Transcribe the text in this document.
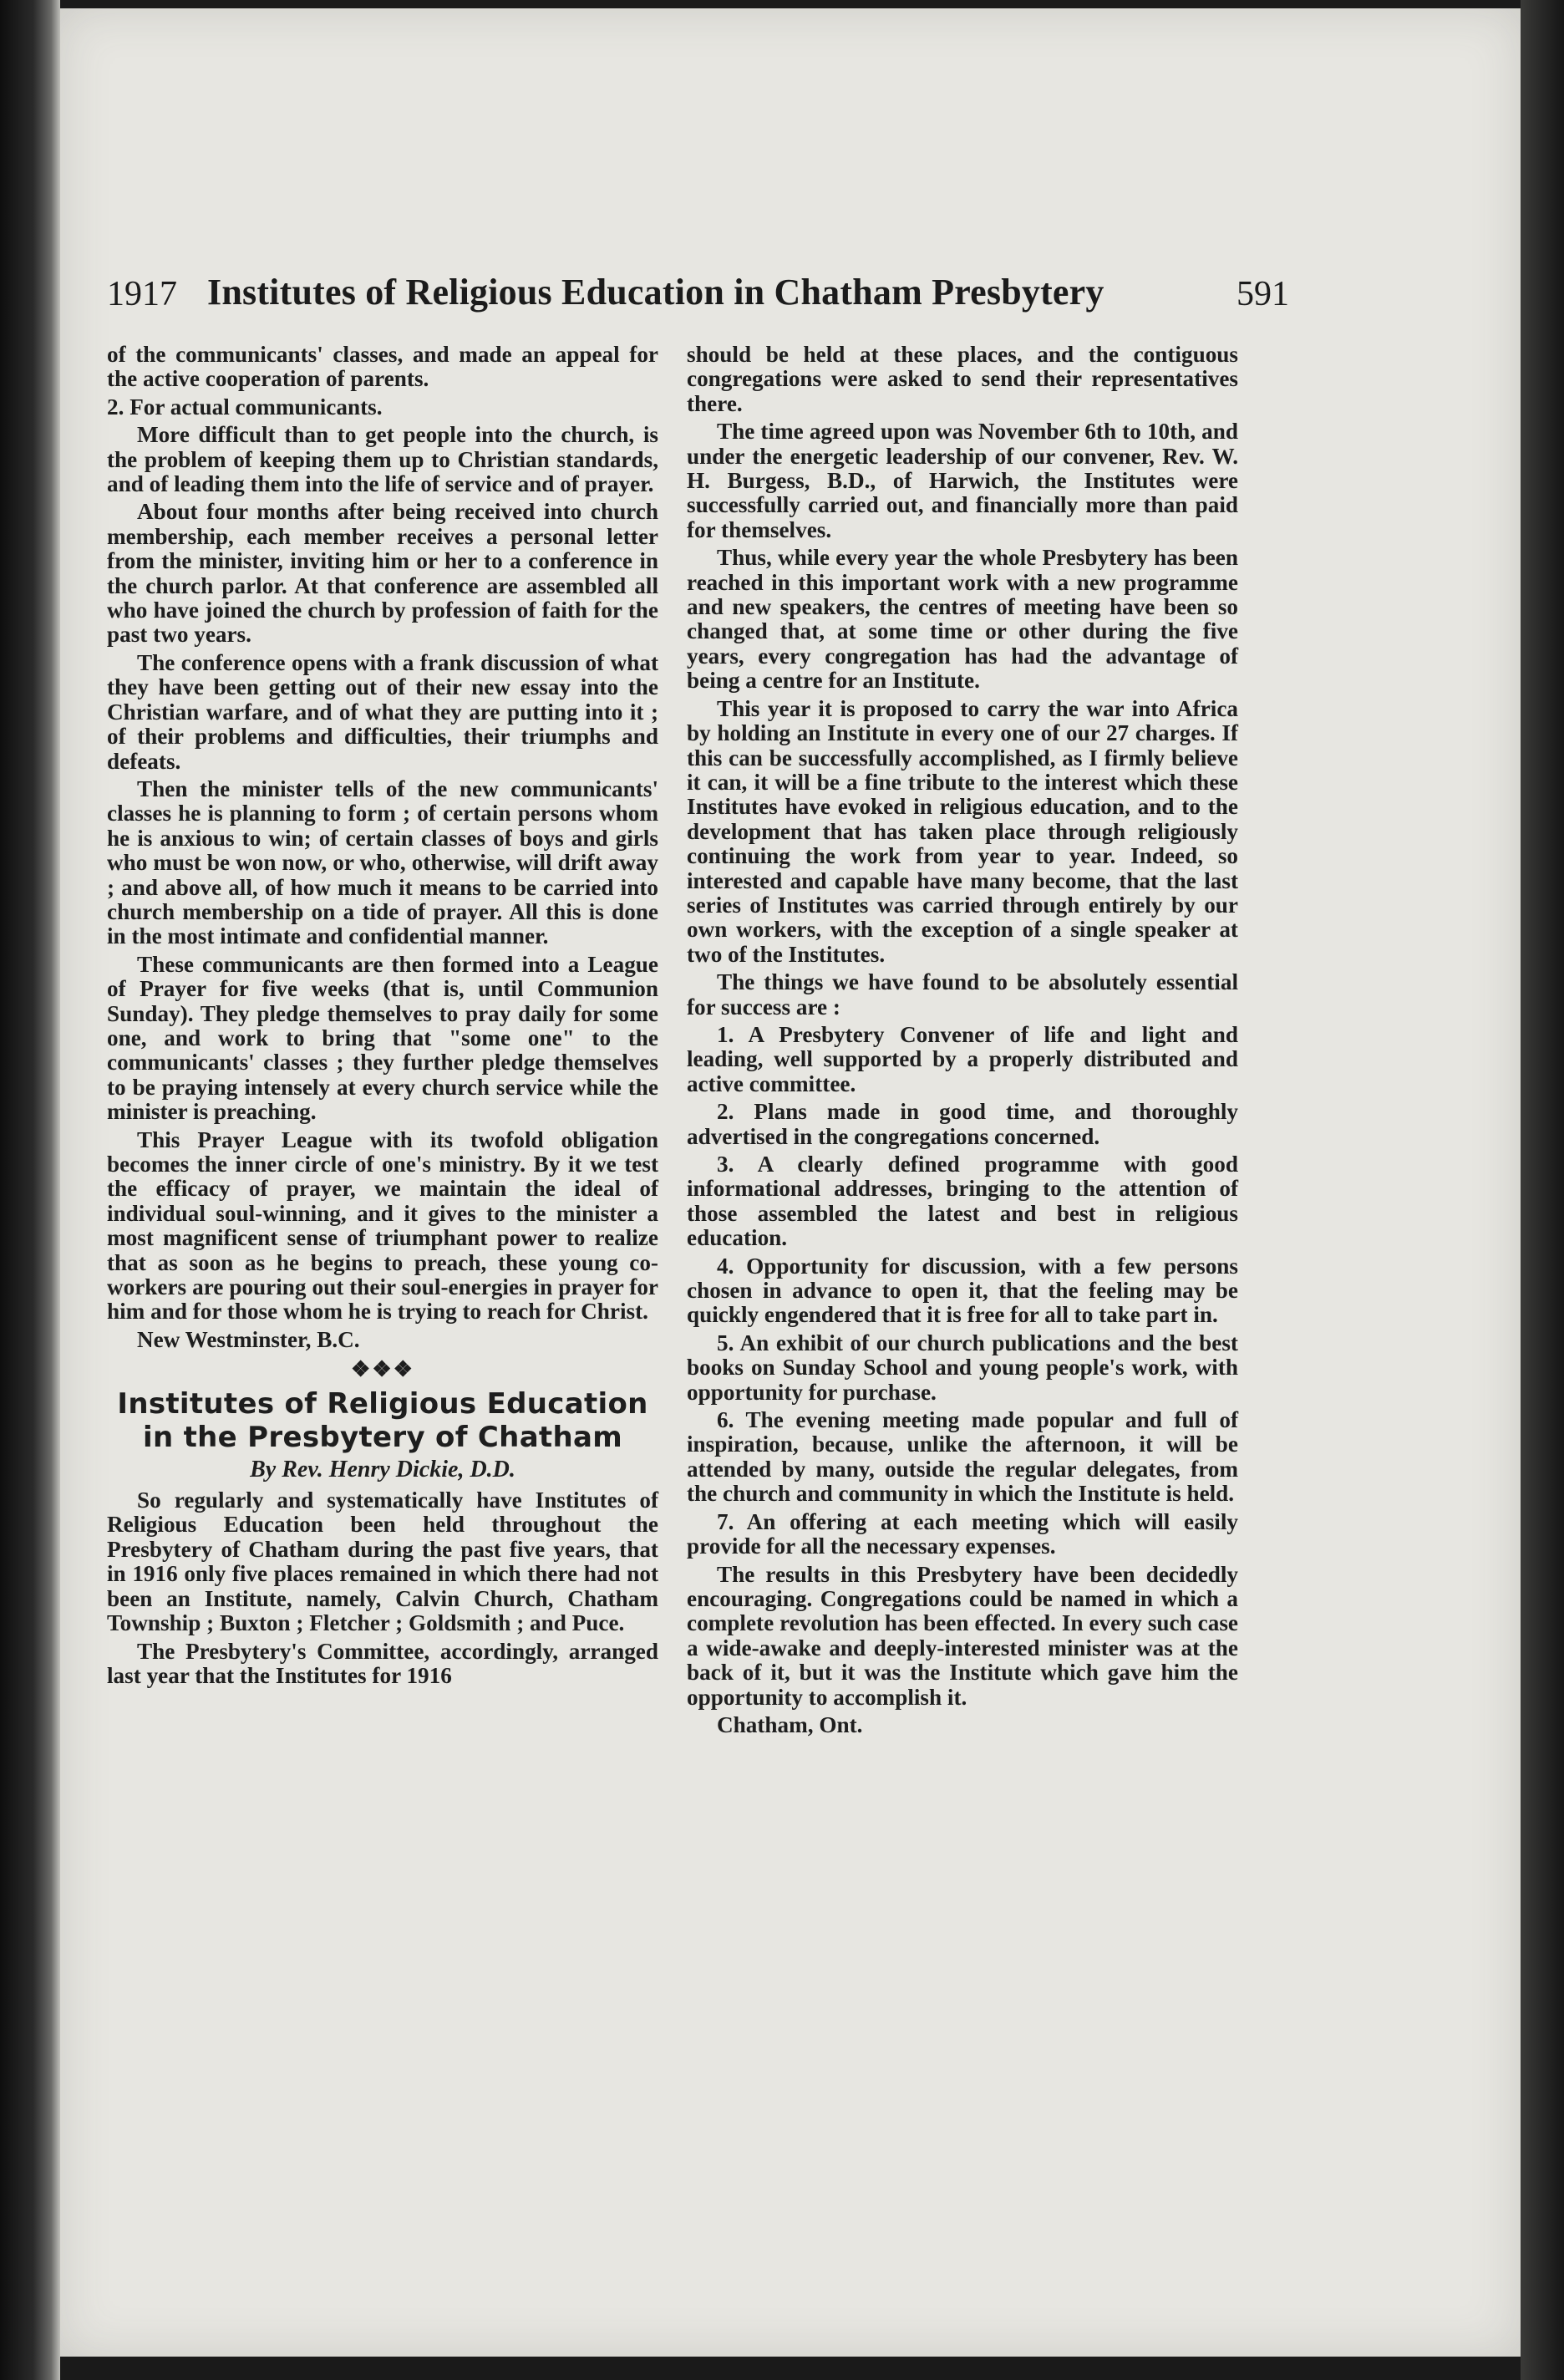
1917 Institutes of Religious Education in Chatham Presbytery	591

of the communicants' classes, and made an appeal for the active cooperation of parents.

2. For actual communicants.

More difficult than to get people into the church, is the problem of keeping them up to Christian standards, and of leading them into the life of service and of prayer.

About four months after being received into church membership, each member receives a personal letter from the minister, inviting him or her to a conference in the church parlor. At that conference are assembled all who have joined the church by profession of faith for the past two years.

The conference opens with a frank discussion of what they have been getting out of their new essay into the Christian warfare, and of what they are putting into it ; of their problems and difficulties, their triumphs and defeats.

Then the minister tells of the new communicants' classes he is planning to form ; of certain persons whom he is anxious to win; of certain classes of boys and girls who must be won now, or who, otherwise, will drift away ; and above all, of how much it means to be carried into church membership on a tide of prayer. All this is done in the most intimate and confidential manner.

These communicants are then formed into a League of Prayer for five weeks (that is, until Communion Sunday). They pledge themselves to pray daily for some one, and work to bring that "some one" to the communicants' classes ; they further pledge themselves to be praying intensely at every church service while the minister is preaching.

This Prayer League with its twofold obligation becomes the inner circle of one's ministry. By it we test the efficacy of prayer, we maintain the ideal of individual soul-winning, and it gives to the minister a most magnificent sense of triumphant power to realize that as soon as he begins to preach, these young co-workers are pouring out their soul-energies in prayer for him and for those whom he is trying to reach for Christ.

New Westminster, B.C.

❖❖❖
Institutes of Religious Education in the Presbytery of Chatham
By Rev. Henry Dickie, D.D.

So regularly and systematically have Institutes of Religious Education been held throughout the Presbytery of Chatham during the past five years, that in 1916 only five places remained in which there had not been an Institute, namely, Calvin Church, Chatham Township ; Buxton ; Fletcher ; Goldsmith ; and Puce.

The Presbytery's Committee, accordingly, arranged last year that the Institutes for 1916

should be held at these places, and the contiguous congregations were asked to send their representatives there.

The time agreed upon was November 6th to 10th, and under the energetic leadership of our convener, Rev. W. H. Burgess, B.D., of Harwich, the Institutes were successfully carried out, and financially more than paid for themselves.

Thus, while every year the whole Presbytery has been reached in this important work with a new programme and new speakers, the centres of meeting have been so changed that, at some time or other during the five years, every congregation has had the advantage of being a centre for an Institute.

This year it is proposed to carry the war into Africa by holding an Institute in every one of our 27 charges. If this can be successfully accomplished, as I firmly believe it can, it will be a fine tribute to the interest which these Institutes have evoked in religious education, and to the development that has taken place through religiously continuing the work from year to year. Indeed, so interested and capable have many become, that the last series of Institutes was carried through entirely by our own workers, with the exception of a single speaker at two of the Institutes.

The things we have found to be absolutely essential for success are :

1. A Presbytery Convener of life and light and leading, well supported by a properly distributed and active committee.

2. Plans made in good time, and thoroughly advertised in the congregations concerned.

3. A clearly defined programme with good informational addresses, bringing to the attention of those assembled the latest and best in religious education.

4. Opportunity for discussion, with a few persons chosen in advance to open it, that the feeling may be quickly engendered that it is free for all to take part in.

5. An exhibit of our church publications and the best books on Sunday School and young people's work, with opportunity for purchase.

6. The evening meeting made popular and full of inspiration, because, unlike the afternoon, it will be attended by many, outside the regular delegates, from the church and community in which the Institute is held.

7. An offering at each meeting which will easily provide for all the necessary expenses.

The results in this Presbytery have been decidedly encouraging. Congregations could be named in which a complete revolution has been effected. In every such case a wide-awake and deeply-interested minister was at the back of it, but it was the Institute which gave him the opportunity to accomplish it.

Chatham, Ont.
